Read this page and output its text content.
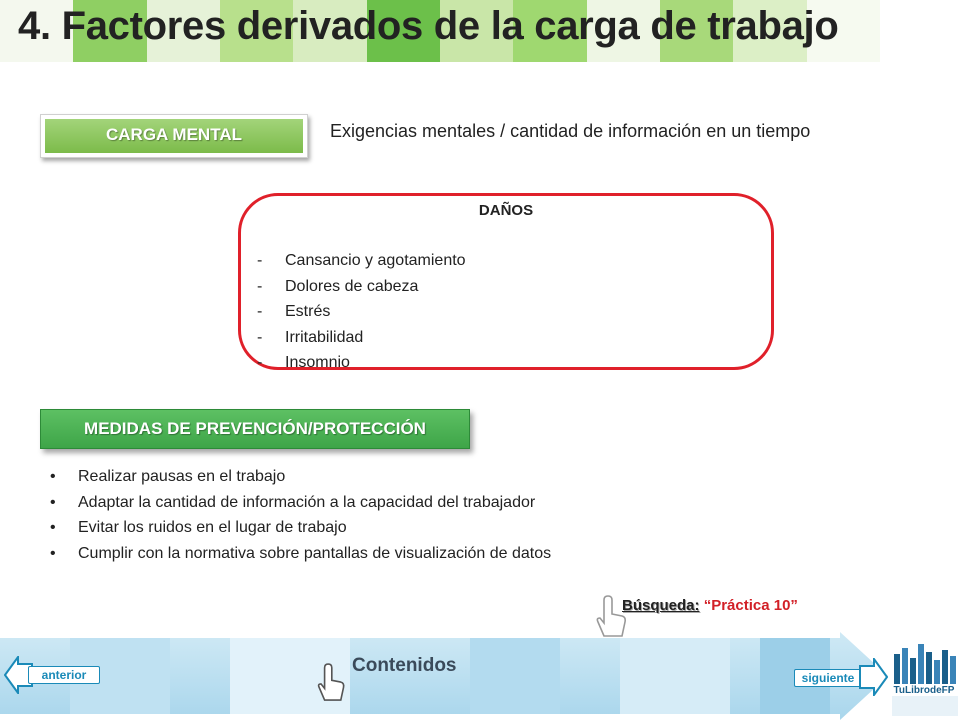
4. Factores derivados de la carga de trabajo
CARGA MENTAL	Exigencias mentales / cantidad de información en un tiempo
DAÑOS
- Cansancio y agotamiento
- Dolores de cabeza
- Estrés
- Irritabilidad
- Insomnio
MEDIDAS DE PREVENCIÓN/PROTECCIÓN
• Realizar pausas en el trabajo
• Adaptar la cantidad de información a la capacidad del trabajador
• Evitar los ruidos en el lugar de trabajo
• Cumplir con la normativa sobre pantallas de visualización de datos
Búsqueda: “Práctica 10”
Contenidos
anterior	siguiente
TuLibrodeFP
